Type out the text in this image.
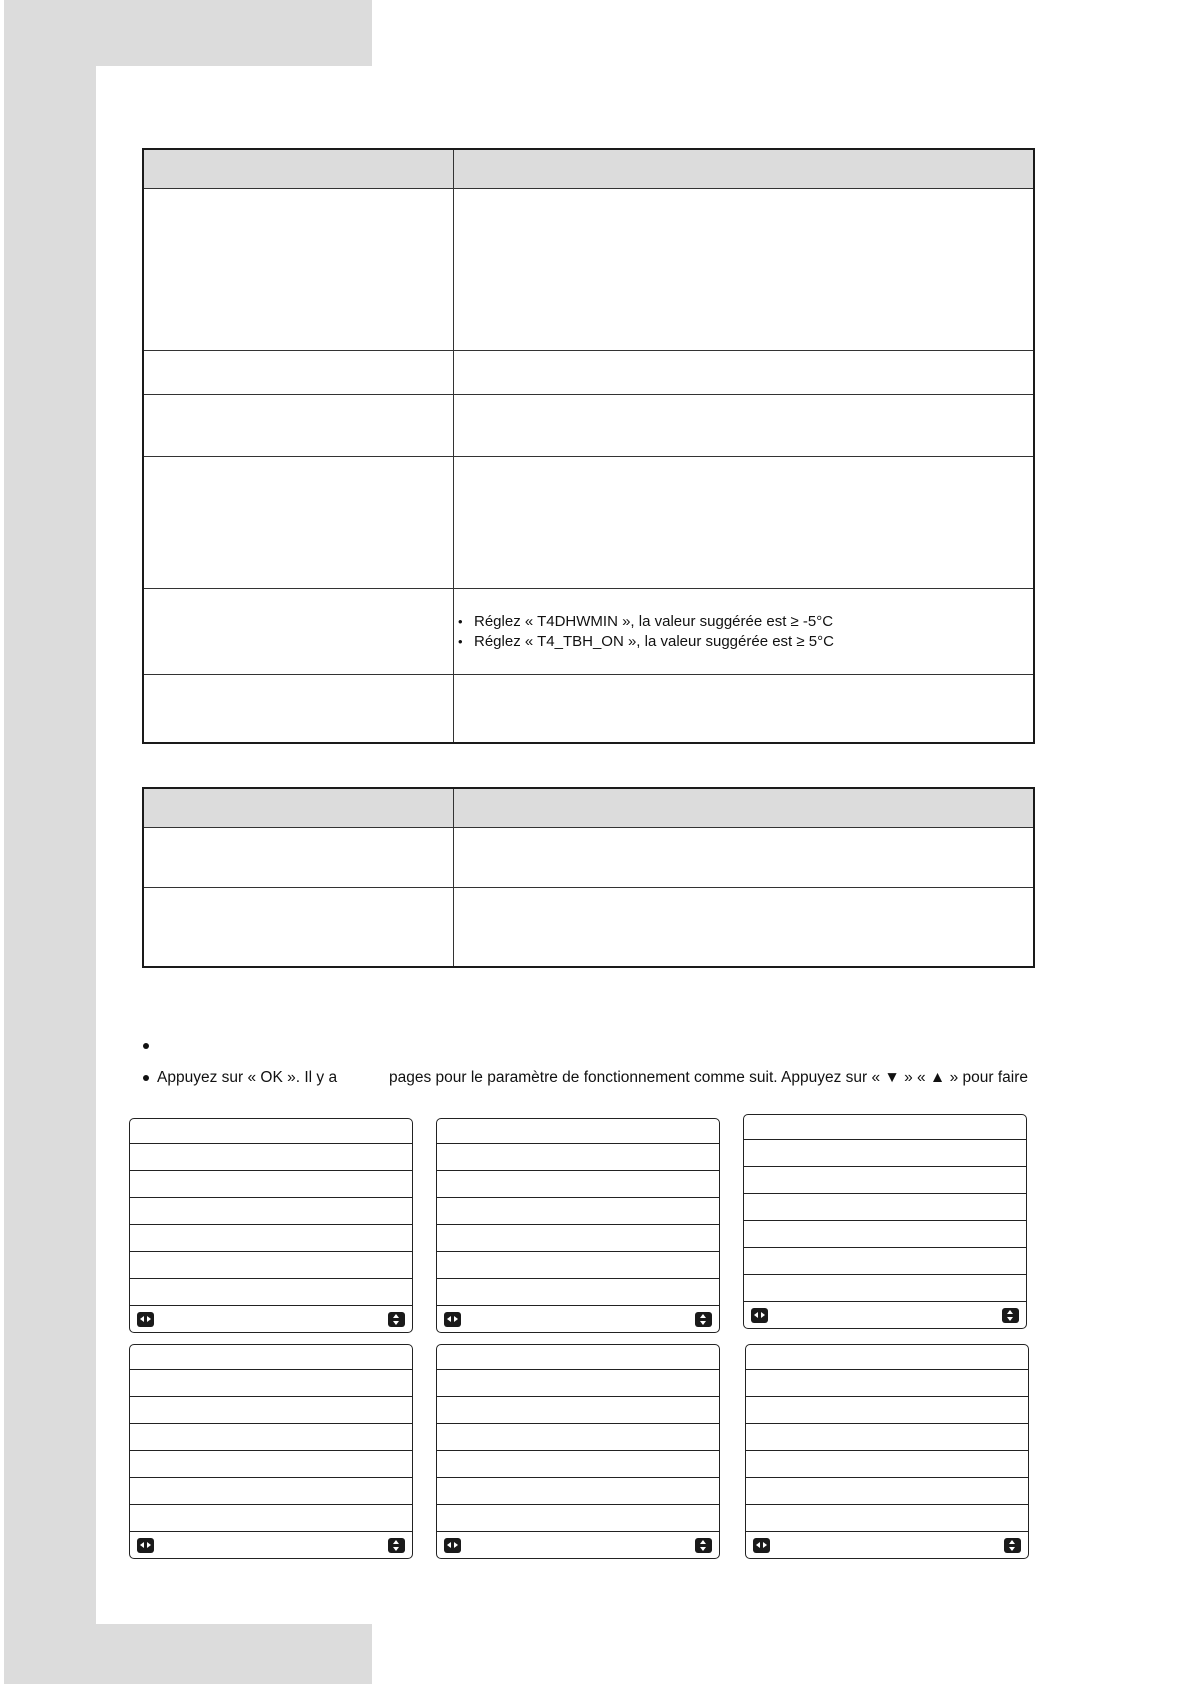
• Réglez « T4DHWMIN », la valeur suggérée est ≥ -5°C
• Réglez « T4_TBH_ON », la valeur suggérée est ≥ 5°C
Appuyez sur « OK ». Il y a	pages pour le paramètre de fonctionnement comme suit. Appuyez sur « ▼ » « ▲ » pour faire
